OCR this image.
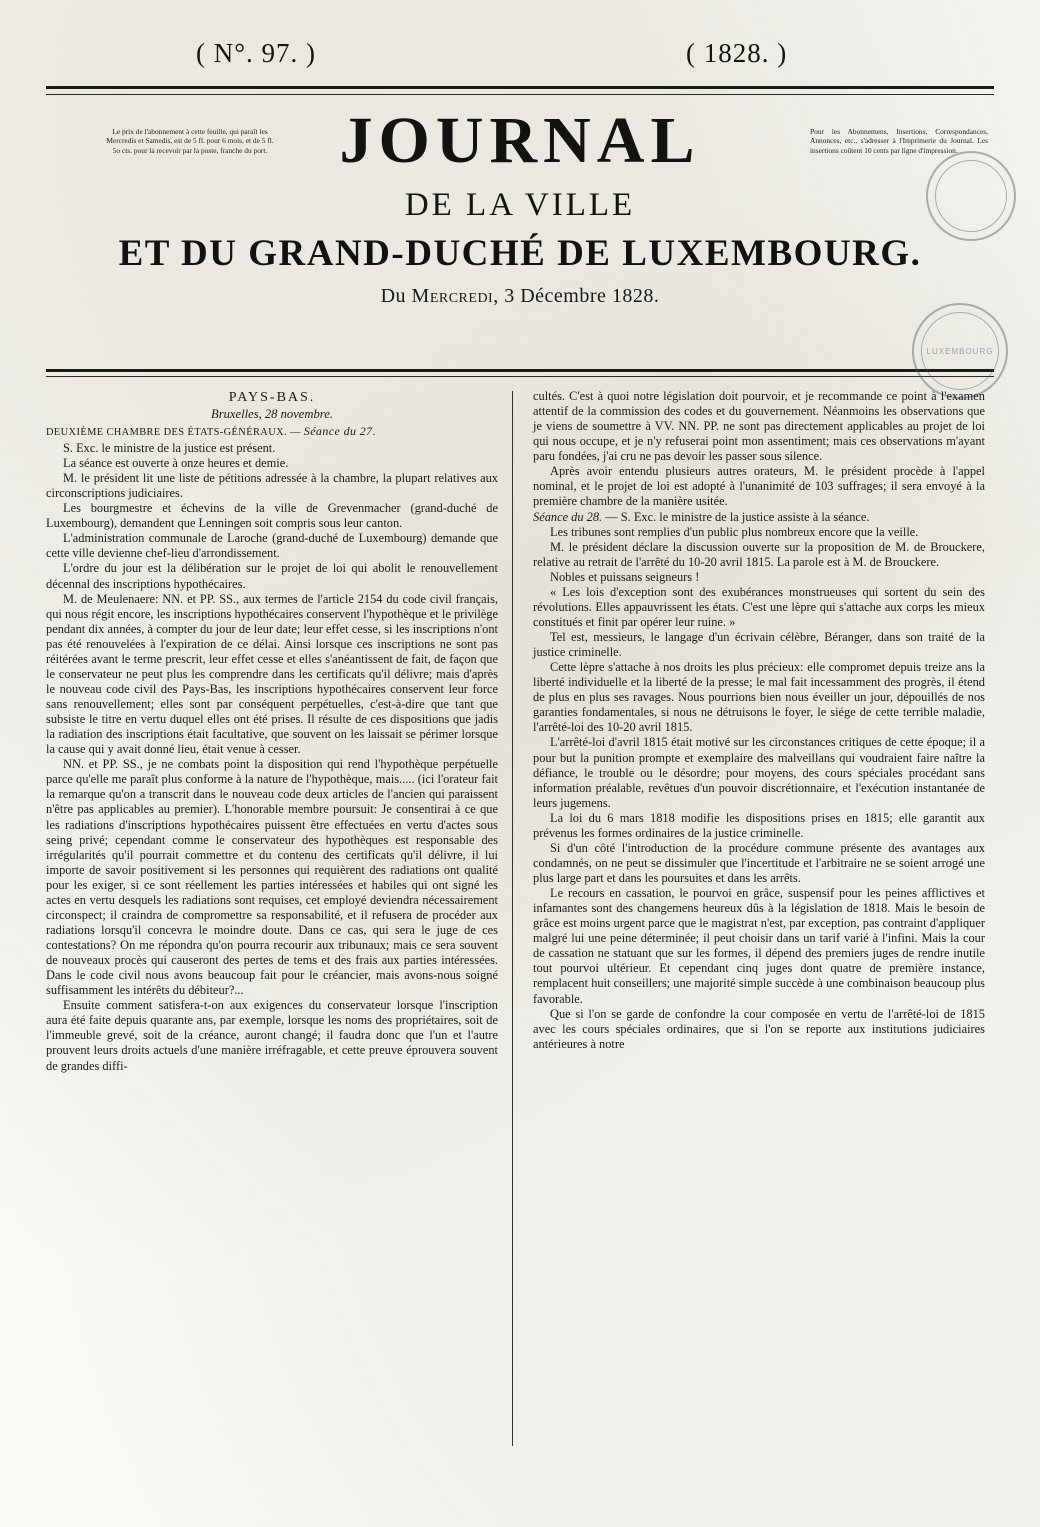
( N°. 97. )	( 1828. )
Le prix de l'abonnement à cette feuille, qui paraît les Mercredis et Samedis, est de 5 fl. pour 6 mois, et de 5 fl. 5o cts. pour la recevoir par la poste, franche du port.
Pour les Abonnemens, Insertions, Correspondances, Annonces, etc., s'adresser à l'Imprimerie du Journal. Les insertions coûtent 10 cents par ligne d'impression.
JOURNAL
DE LA VILLE
ET DU GRAND-DUCHÉ DE LUXEMBOURG.
Du Mercredi, 3 Décembre 1828.
LUXEMBOURG
PAYS-BAS.
Bruxelles, 28 novembre.
DEUXIÈME CHAMBRE DES ÉTATS-GÉNÉRAUX. — Séance du 27.

S. Exc. le ministre de la justice est présent.

La séance est ouverte à onze heures et demie.

M. le président lit une liste de pétitions adressée à la chambre, la plupart relatives aux circonscriptions judiciaires.

Les bourgmestre et échevins de la ville de Grevenmacher (grand-duché de Luxembourg), demandent que Lenningen soit compris sous leur canton.

L'administration communale de Laroche (grand-duché de Luxembourg) demande que cette ville devienne chef-lieu d'arrondissement.

L'ordre du jour est la délibération sur le projet de loi qui abolit le renouvellement décennal des inscriptions hypothécaires.

M. de Meulenaere: NN. et PP. SS., aux termes de l'article 2154 du code civil français, qui nous régit encore, les inscriptions hypothécaires conservent l'hypothèque et le privilège pendant dix années, à compter du jour de leur date; leur effet cesse, si les inscriptions n'ont pas été renouvelées à l'expiration de ce délai. Ainsi lorsque ces inscriptions ne sont pas réitérées avant le terme prescrit, leur effet cesse et elles s'anéantissent de fait, de façon que le conservateur ne peut plus les comprendre dans les certificats qu'il délivre; mais d'après le nouveau code civil des Pays-Bas, les inscriptions hypothécaires conservent leur force sans renouvellement; elles sont par conséquent perpétuelles, c'est-à-dire que tant que subsiste le titre en vertu duquel elles ont été prises. Il résulte de ces dispositions que jadis la radiation des inscriptions était facultative, que souvent on les laissait se périmer lorsque la cause qui y avait donné lieu, était venue à cesser.

NN. et PP. SS., je ne combats point la disposition qui rend l'hypothèque perpétuelle parce qu'elle me paraît plus conforme à la nature de l'hypothèque, mais..... (ici l'orateur fait la remarque qu'on a transcrit dans le nouveau code deux articles de l'ancien qui paraissent n'être pas applicables au premier). L'honorable membre poursuit: Je consentirai à ce que les radiations d'inscriptions hypothécaires puissent être effectuées en vertu d'actes sous seing privé; cependant comme le conservateur des hypothèques est responsable des irrégularités qu'il pourrait commettre et du contenu des certificats qu'il délivre, il lui importe de savoir positivement si les personnes qui requièrent des radiations ont qualité pour les exiger, si ce sont réellement les parties intéressées et habiles qui ont signé les actes en vertu desquels les radiations sont requises, cet employé deviendra nécessairement circonspect; il craindra de compromettre sa responsabilité, et il refusera de procéder aux radiations lorsqu'il concevra le moindre doute. Dans ce cas, qui sera le juge de ces contestations? On me répondra qu'on pourra recourir aux tribunaux; mais ce sera souvent de nouveaux procès qui causeront des pertes de tems et des frais aux parties intéressées. Dans le code civil nous avons beaucoup fait pour le créancier, mais avons-nous soigné suffisamment les intérêts du débiteur?...

Ensuite comment satisfera-t-on aux exigences du conservateur lorsque l'inscription aura été faite depuis quarante ans, par exemple, lorsque les noms des propriétaires, soit de l'immeuble grevé, soit de la créance, auront changé; il faudra donc que l'un et l'autre prouvent leurs droits actuels d'une manière irréfragable, et cette preuve éprouvera souvent de grandes diffi-

cultés. C'est à quoi notre législation doit pourvoir, et je recommande ce point à l'examen attentif de la commission des codes et du gouvernement. Néanmoins les observations que je viens de soumettre à VV. NN. PP. ne sont pas directement applicables au projet de loi qui nous occupe, et je n'y refuserai point mon assentiment; mais ces observations m'ayant paru fondées, j'ai cru ne pas devoir les passer sous silence.

Après avoir entendu plusieurs autres orateurs, M. le président procède à l'appel nominal, et le projet de loi est adopté à l'unanimité de 103 suffrages; il sera envoyé à la première chambre de la manière usitée.

Séance du 28. — S. Exc. le ministre de la justice assiste à la séance.

Les tribunes sont remplies d'un public plus nombreux encore que la veille.

M. le président déclare la discussion ouverte sur la proposition de M. de Brouckere, relative au retrait de l'arrêté du 10-20 avril 1815. La parole est à M. de Brouckere.

Nobles et puissans seigneurs !

« Les lois d'exception sont des exubérances monstrueuses qui sortent du sein des révolutions. Elles appauvrissent les états. C'est une lèpre qui s'attache aux corps les mieux constitués et finit par opérer leur ruine. »

Tel est, messieurs, le langage d'un écrivain célèbre, Béranger, dans son traité de la justice criminelle.

Cette lèpre s'attache à nos droits les plus précieux: elle compromet depuis treize ans la liberté individuelle et la liberté de la presse; le mal fait incessamment des progrès, il étend de plus en plus ses ravages. Nous pourrions bien nous éveiller un jour, dépouillés de nos garanties fondamentales, si nous ne détruisons le foyer, le siége de cette terrible maladie, l'arrêté-loi des 10-20 avril 1815.

L'arrêté-loi d'avril 1815 était motivé sur les circonstances critiques de cette époque; il a pour but la punition prompte et exemplaire des malveillans qui voudraient faire naître la défiance, le trouble ou le désordre; pour moyens, des cours spéciales procédant sans information préalable, revêtues d'un pouvoir discrétionnaire, et l'exécution instantanée de leurs jugemens.

La loi du 6 mars 1818 modifie les dispositions prises en 1815; elle garantit aux prévenus les formes ordinaires de la justice criminelle.

Si d'un côté l'introduction de la procédure commune présente des avantages aux condamnés, on ne peut se dissimuler que l'incertitude et l'arbitraire ne se soient arrogé une plus large part et dans les poursuites et dans les arrêts.

Le recours en cassation, le pourvoi en grâce, suspensif pour les peines afflictives et infamantes sont des changemens heureux dûs à la législation de 1818. Mais le besoin de grâce est moins urgent parce que le magistrat n'est, par exception, pas contraint d'appliquer malgré lui une peine déterminée; il peut choisir dans un tarif varié à l'infini. Mais la cour de cassation ne statuant que sur les formes, il dépend des premiers juges de rendre inutile tout pourvoi ultérieur. Et cependant cinq juges dont quatre de première instance, remplacent huit conseillers; une majorité simple succède à une combinaison beaucoup plus favorable.

Que si l'on se garde de confondre la cour composée en vertu de l'arrêté-loi de 1815 avec les cours spéciales ordinaires, que si l'on se reporte aux institutions judiciaires antérieures à notre
